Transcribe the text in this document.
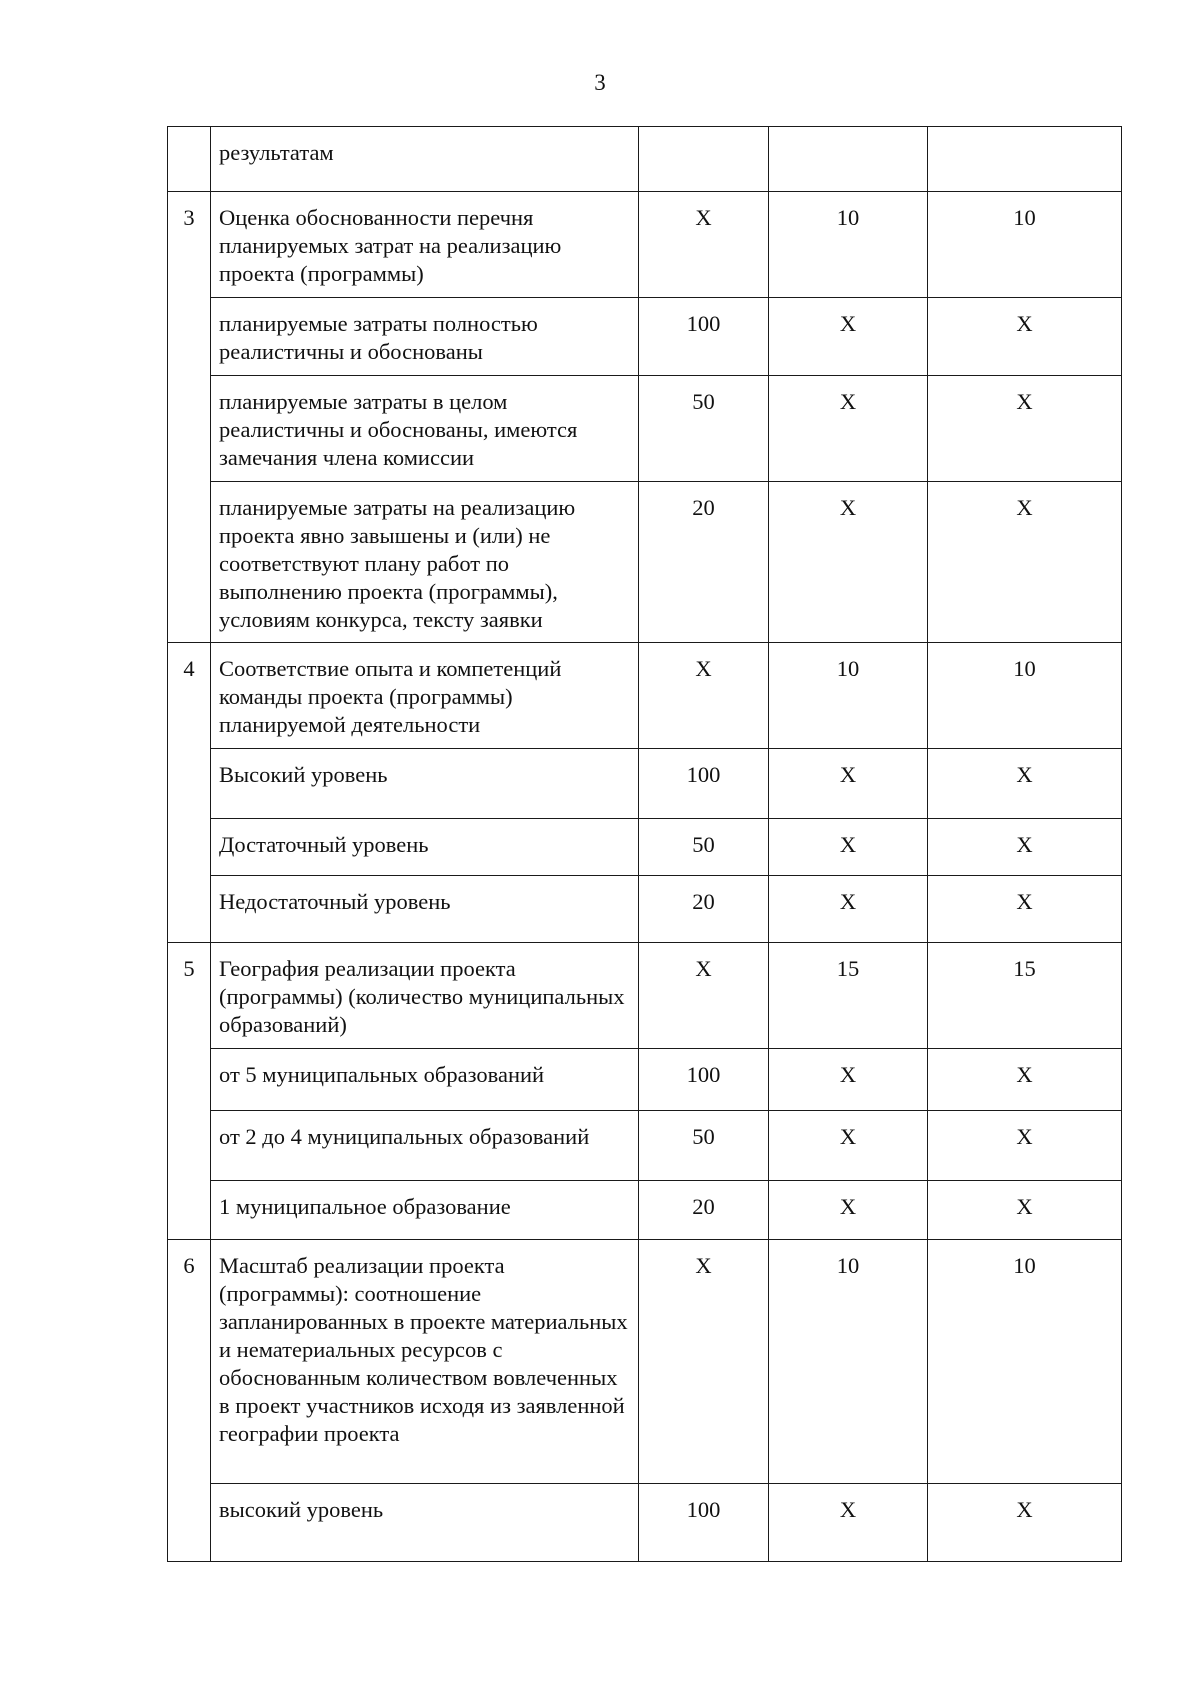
3
	результатам			
3	Оценка обоснованности перечня планируемых затрат на реализацию проекта (программы)	X	10	10
	планируемые затраты полностью реалистичны и обоснованы	100	X	X
	планируемые затраты в целом реалистичны и обоснованы, имеются замечания члена комиссии	50	X	X
	планируемые затраты на реализацию проекта явно завышены и (или) не соответствуют плану работ по выполнению проекта (программы), условиям конкурса, тексту заявки	20	X	X
4	Соответствие опыта и компетенций команды проекта (программы) планируемой деятельности	X	10	10
	Высокий уровень	100	X	X
	Достаточный уровень	50	X	X
	Недостаточный уровень	20	X	X
5	География реализации проекта (программы) (количество муниципальных образований)	X	15	15
	от 5 муниципальных образований	100	X	X
	от 2 до 4 муниципальных образований	50	X	X
	1 муниципальное образование	20	X	X
6	Масштаб реализации проекта (программы): соотношение запланированных в проекте материальных и нематериальных ресурсов с обоснованным количеством вовлеченных в проект участников исходя из заявленной географии проекта	X	10	10
	высокий уровень	100	X	X
